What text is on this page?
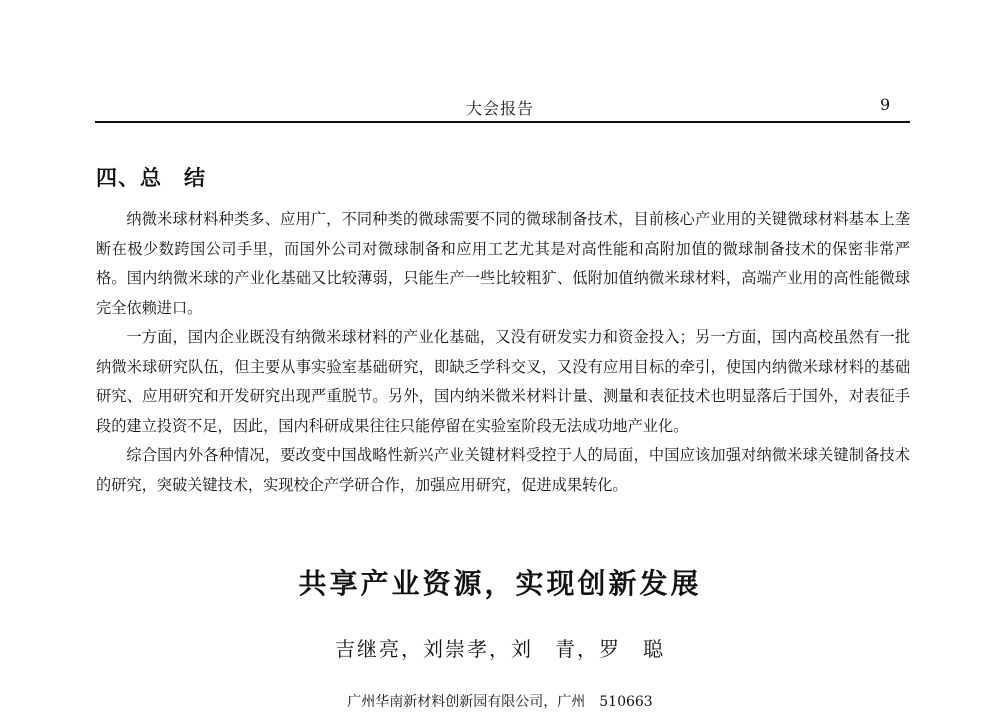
大会报告	9
四、总　结

纳微米球材料种类多、应用广，不同种类的微球需要不同的微球制备技术，目前核心产业用的关键微球材料基本上垄断在极少数跨国公司手里，而国外公司对微球制备和应用工艺尤其是对高性能和高附加值的微球制备技术的保密非常严格。国内纳微米球的产业化基础又比较薄弱，只能生产一些比较粗犷、低附加值纳微米球材料，高端产业用的高性能微球完全依赖进口。

一方面，国内企业既没有纳微米球材料的产业化基础，又没有研发实力和资金投入；另一方面，国内高校虽然有一批纳微米球研究队伍，但主要从事实验室基础研究，即缺乏学科交叉，又没有应用目标的牵引，使国内纳微米球材料的基础研究、应用研究和开发研究出现严重脱节。另外，国内纳米微米材料计量、测量和表征技术也明显落后于国外，对表征手段的建立投资不足，因此，国内科研成果往往只能停留在实验室阶段无法成功地产业化。

综合国内外各种情况，要改变中国战略性新兴产业关键材料受控于人的局面，中国应该加强对纳微米球关键制备技术的研究，突破关键技术，实现校企产学研合作，加强应用研究，促进成果转化。

共享产业资源，实现创新发展
吉继亮，刘崇孝，刘　青，罗　聪
广州华南新材料创新园有限公司，广州　510663
